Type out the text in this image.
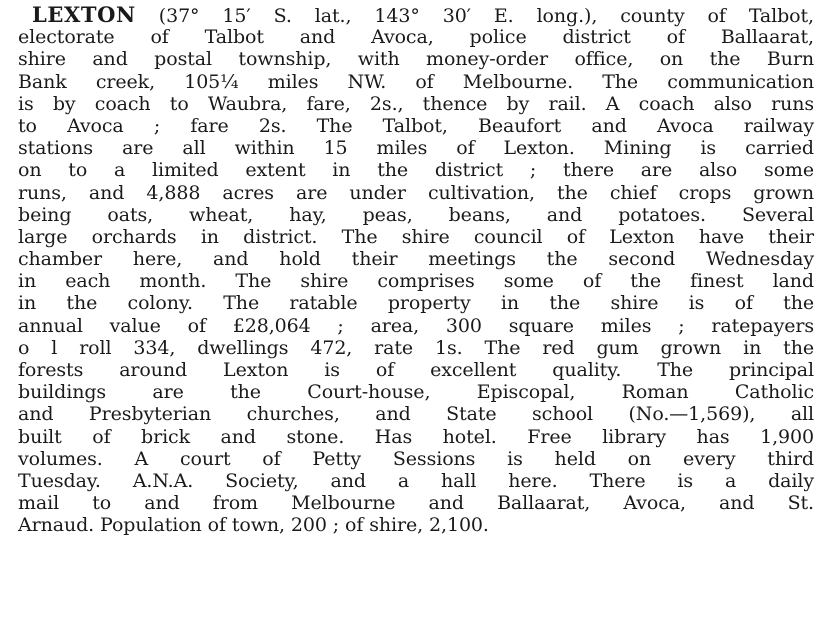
LEXTON (37° 15′ S. lat., 143° 30′ E. long.), county of Talbot,
electorate of Talbot and Avoca, police district of Ballaarat,
shire and postal township, with money-order office, on the Burn
Bank creek, 105¼ miles NW. of Melbourne. The communication
is by coach to Waubra, fare, 2s., thence by rail. A coach also runs
to Avoca ; fare 2s. The Talbot, Beaufort and Avoca railway
stations are all within 15 miles of Lexton. Mining is carried
on to a limited extent in the district ; there are also some
runs, and 4,888 acres are under cultivation, the chief crops grown
being oats, wheat, hay, peas, beans, and potatoes. Several
large orchards in district. The shire council of Lexton have their
chamber here, and hold their meetings the second Wednesday
in each month. The shire comprises some of the finest land
in the colony. The ratable property in the shire is of the
annual value of £28,064 ; area, 300 square miles ; ratepayers
o l roll 334, dwellings 472, rate 1s. The red gum grown in the
forests around Lexton is of excellent quality. The principal
buildings are the Court-house, Episcopal, Roman Catholic
and Presbyterian churches, and State school (No.—1,569), all
built of brick and stone. Has hotel. Free library has 1,900
volumes. A court of Petty Sessions is held on every third
Tuesday. A.N.A. Society, and a hall here. There is a daily
mail to and from Melbourne and Ballaarat, Avoca, and St.
Arnaud. Population of town, 200 ; of shire, 2,100.
